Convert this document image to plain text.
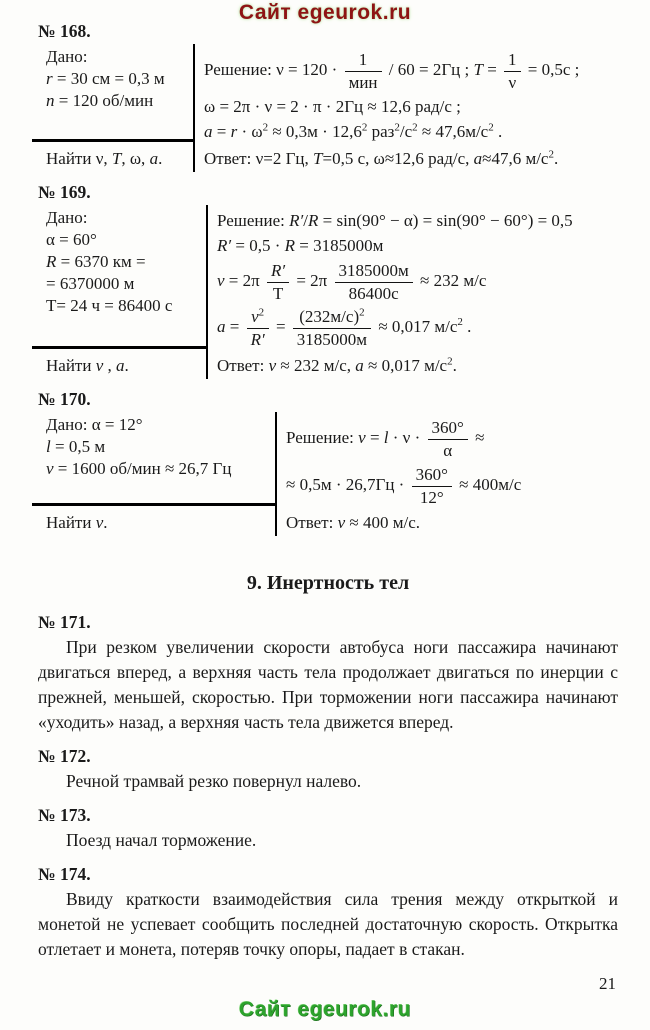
Сайт egeurok.ru
№ 168.
Дано:
r = 30 см = 0,3 м
n = 120 об/мин
Найти ν, T, ω, a.
Решение: $\nu = 120 \cdot \frac{1}{\text{мин}} / 60 = 2Гц$ ; $T = \frac{1}{\nu} = 0,5с$ ;
ω = 2π · ν = 2 · π · 2Гц ≈ 12,6 рад/с ;
$a = r \cdot \omega^2 \approx 0,3м \cdot 12,6^2$ $раз^2/с^2 \approx 47,6м/с^2$ .
Ответ: ν=2 Гц, T=0,5 с, ω≈12,6 рад/с, a≈47,6 $м/с^2$.
№ 169.
Дано:
α = 60°
R = 6370 км =
= 6370000 м
Т= 24 ч = 86400 с
Найти v , a.
Решение: R′/R = sin(90° − α) = sin(90° − 60°) = 0,5
R′ = 0,5 · R = 3185000м
$v = 2\pi \frac{R'}{T} = 2\pi \frac{3185000м}{86400с} \approx 232$ м/с
$a = \frac{v^2}{R'} = \frac{(232м/с)^2}{3185000м} \approx 0,017$ $м/с^2$ .
Ответ: v ≈ 232 м/с, a ≈ 0,017 $м/с^2$.
№ 170.
Дано: α = 12°
l = 0,5 м
ν = 1600 об/мин ≈ 26,7 Гц
Найти v.
Решение: $v = l \cdot \nu \cdot \frac{360^\circ}{\alpha}$ ≈
≈ $0,5м \cdot 26,7Гц \cdot \frac{360^\circ}{12^\circ} \approx 400м/с$
Ответ: v ≈ 400 м/с.
9. Инертность тел
№ 171.

При резком увеличении скорости автобуса ноги пассажира начинают двигаться вперед, а верхняя часть тела продолжает двигаться по инерции с прежней, меньшей, скоростью. При торможении ноги пассажира начинают «уходить» назад, а верхняя часть тела движется вперед.

№ 172.

Речной трамвай резко повернул налево.

№ 173.

Поезд начал торможение.

№ 174.

Ввиду краткости взаимодействия сила трения между открыткой и монетой не успевает сообщить последней достаточную скорость. Открытка отлетает и монета, потеряв точку опоры, падает в стакан.

21
Сайт egeurok.ru
